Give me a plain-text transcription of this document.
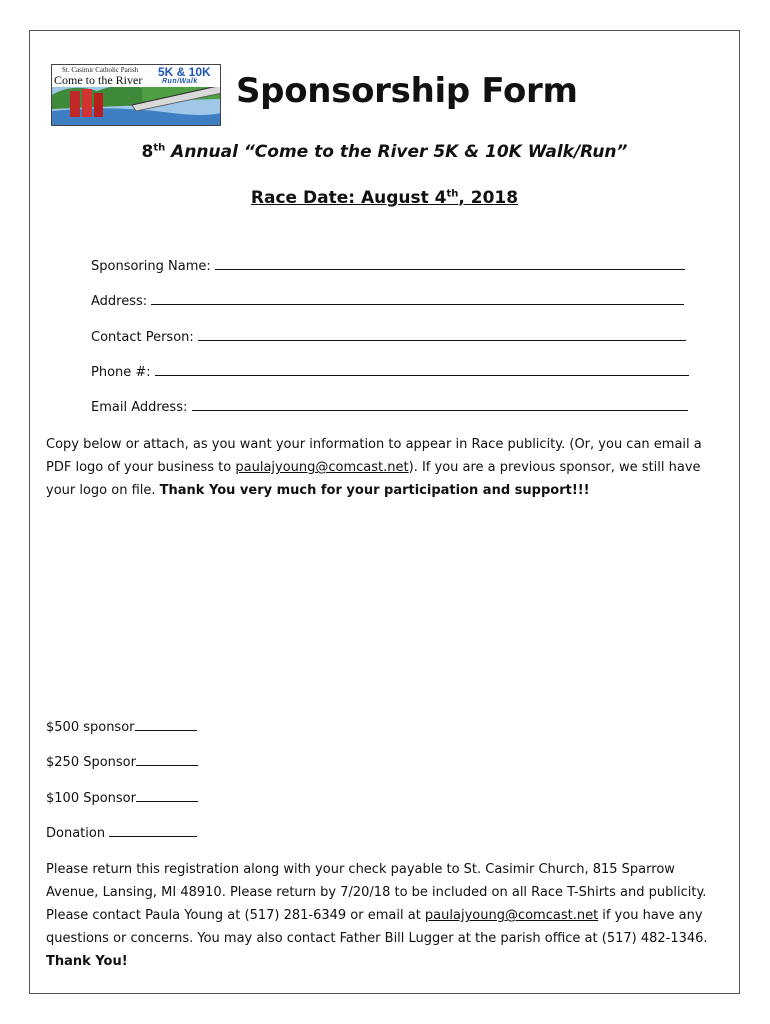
St. Casimir Catholic Parish
Come to the River
5K & 10K
Run/Walk Sponsorship Form
8th Annual “Come to the River 5K & 10K Walk/Run”
Race Date: August 4th, 2018
Sponsoring Name:
Address:
Contact Person:
Phone #:
Email Address:
Copy below or attach, as you want your information to appear in Race publicity. (Or, you can email a PDF logo of your business to paulajyoung@comcast.net). If you are a previous sponsor, we still have your logo on file. Thank You very much for your participation and support!!!
$500 sponsor
$250 Sponsor
$100 Sponsor
Donation
Please return this registration along with your check payable to St. Casimir Church, 815 Sparrow Avenue, Lansing, MI 48910. Please return by 7/20/18 to be included on all Race T-Shirts and publicity. Please contact Paula Young at (517) 281-6349 or email at paulajyoung@comcast.net if you have any questions or concerns. You may also contact Father Bill Lugger at the parish office at (517) 482-1346. Thank You!
